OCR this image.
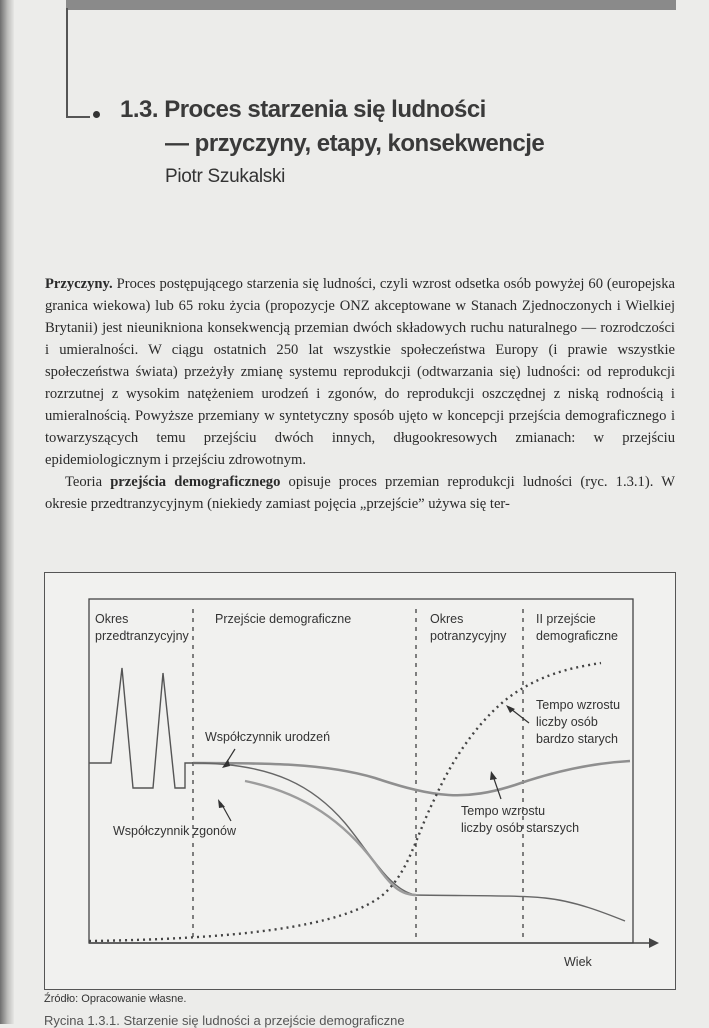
1.3. Proces starzenia się ludności
— przyczyny, etapy, konsekwencje
Piotr Szukalski

Przyczyny. Proces postępującego starzenia się ludności, czyli wzrost odsetka osób powyżej 60 (europejska granica wiekowa) lub 65 roku życia (propozycje ONZ akceptowane w Stanach Zjednoczonych i Wielkiej Brytanii) jest nieunikniona konsekwencją przemian dwóch składowych ruchu naturalnego — rozrodczości i umieralności. W ciągu ostatnich 250 lat wszystkie społeczeństwa Europy (i prawie wszystkie społeczeństwa świata) przeżyły zmianę systemu reprodukcji (odtwarzania się) ludności: od reprodukcji rozrzutnej z wysokim natężeniem urodzeń i zgonów, do reprodukcji oszczędnej z niską rodnością i umieralnością. Powyższe przemiany w syntetyczny sposób ujęto w koncepcji przejścia demograficznego i towarzyszących temu przejściu dwóch innych, długookresowych zmianach: w przejściu epidemiologicznym i przejściu zdrowotnym.
Teoria przejścia demograficznego opisuje proces przemian reprodukcji ludności (ryc. 1.3.1). W okresie przedtranzycyjnym (niekiedy zamiast pojęcia „przejście” używa się ter-

Okres
przedtranzycyjny
Przejście demograficzne	Okres
potranzycyjny
II przejście
demograficzne
Współczynnik urodzeń
Współczynnik zgonów
Tempo wzrostu
liczby osób
bardzo starych
Tempo wzrostu
liczby osób starszych
Wiek
Źródło: Opracowanie własne.
Rycina 1.3.1. Starzenie się ludności a przejście demograficzne
